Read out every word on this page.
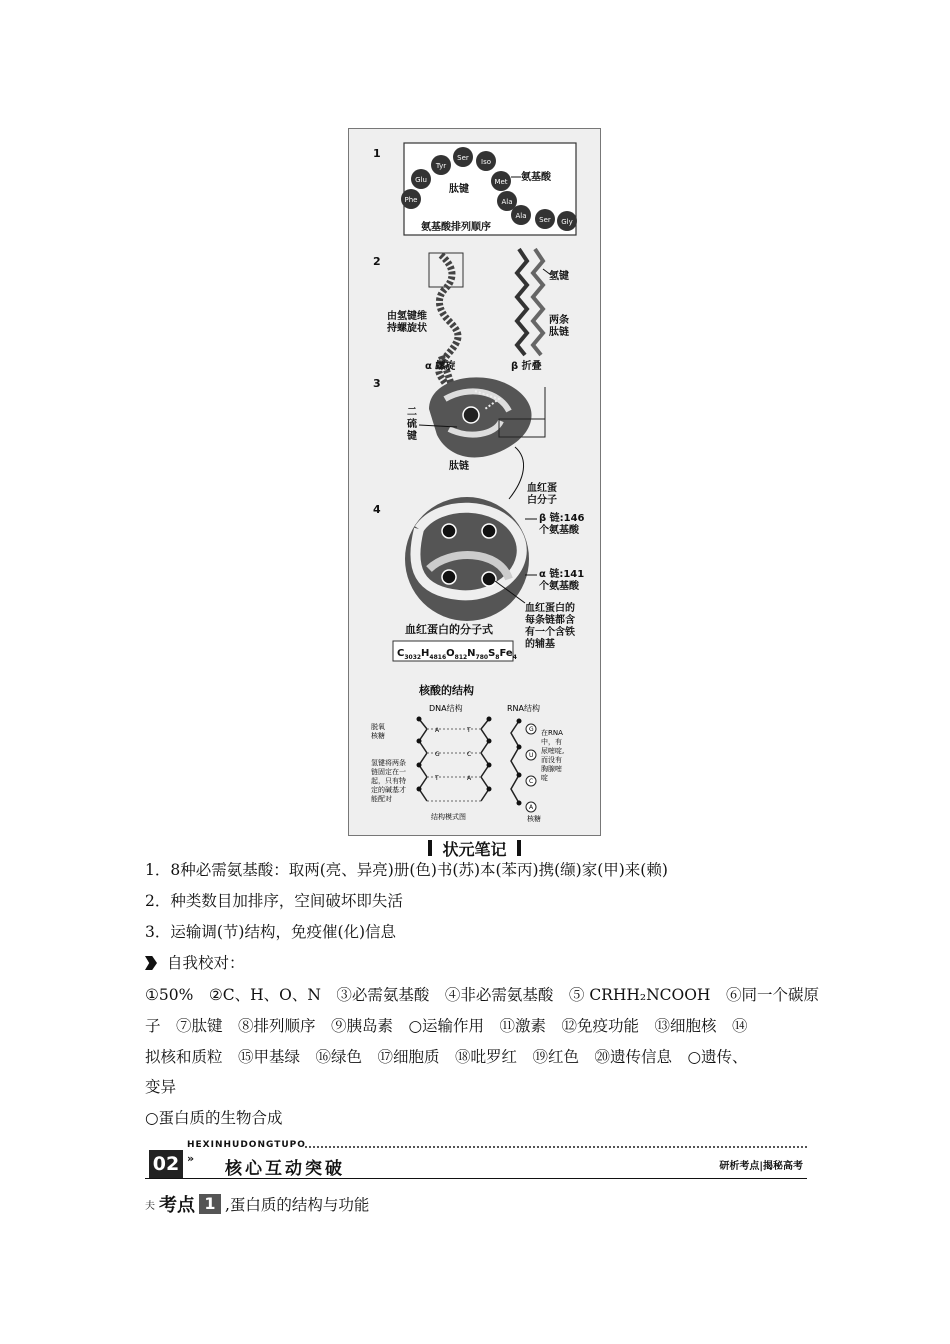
1
2
3
4
Phe
Glu
Tyr
Ser Iso
Met
Ala
Ala Ser Gly
肽键
氨基酸
氨基酸排列顺序
由氢键维
持螺旋状
α 螺旋
氢键
两条
肽链
β 折叠
二
硫
键
肽链
血红蛋
白分子
β 链:146
个氨基酸
α 链:141
个氨基酸
血红蛋白的
每条链都含
有一个含铁
的辅基
血红蛋白的分子式
$C_{3032}H_{4816}O_{812}N_{780}S_8Fe_4$
核酸的结构
DNA结构	RNA结构
脱氧
核糖
A	T
G	C
T	A
氢键将两条
链固定在一
起，只有特
定的碱基才
能配对
结构模式图
G
U
C
A
在RNA
中，有
尿嘧啶,
而没有
胸腺嘧
啶
核糖
状元笔记
1．8种必需氨基酸：取两(亮、异亮)册(色)书(苏)本(苯丙)携(缬)家(甲)来(赖)
2．种类数目加排序，空间破坏即失活
3．运输调(节)结构，免疫催(化)信息
自我校对：
①50%　②C、H、O、N　③必需氨基酸　④非必需氨基酸　⑤ CRHH₂NCOOH　⑥同一个碳原
子　⑦肽键　⑧排列顺序　⑨胰岛素　○运输作用　⑪激素　⑫免疫功能　⑬细胞核　⑭
拟核和质粒　⑮甲基绿　⑯绿色　⑰细胞质　⑱吡罗红　⑲红色　⑳遗传信息　○遗传、
变异
○蛋白质的生物合成
HEXINHUDONGTUPO
02 »
核心互动突破	研析考点|揭秘高考
夫 考点 1 ,蛋白质的结构与功能
